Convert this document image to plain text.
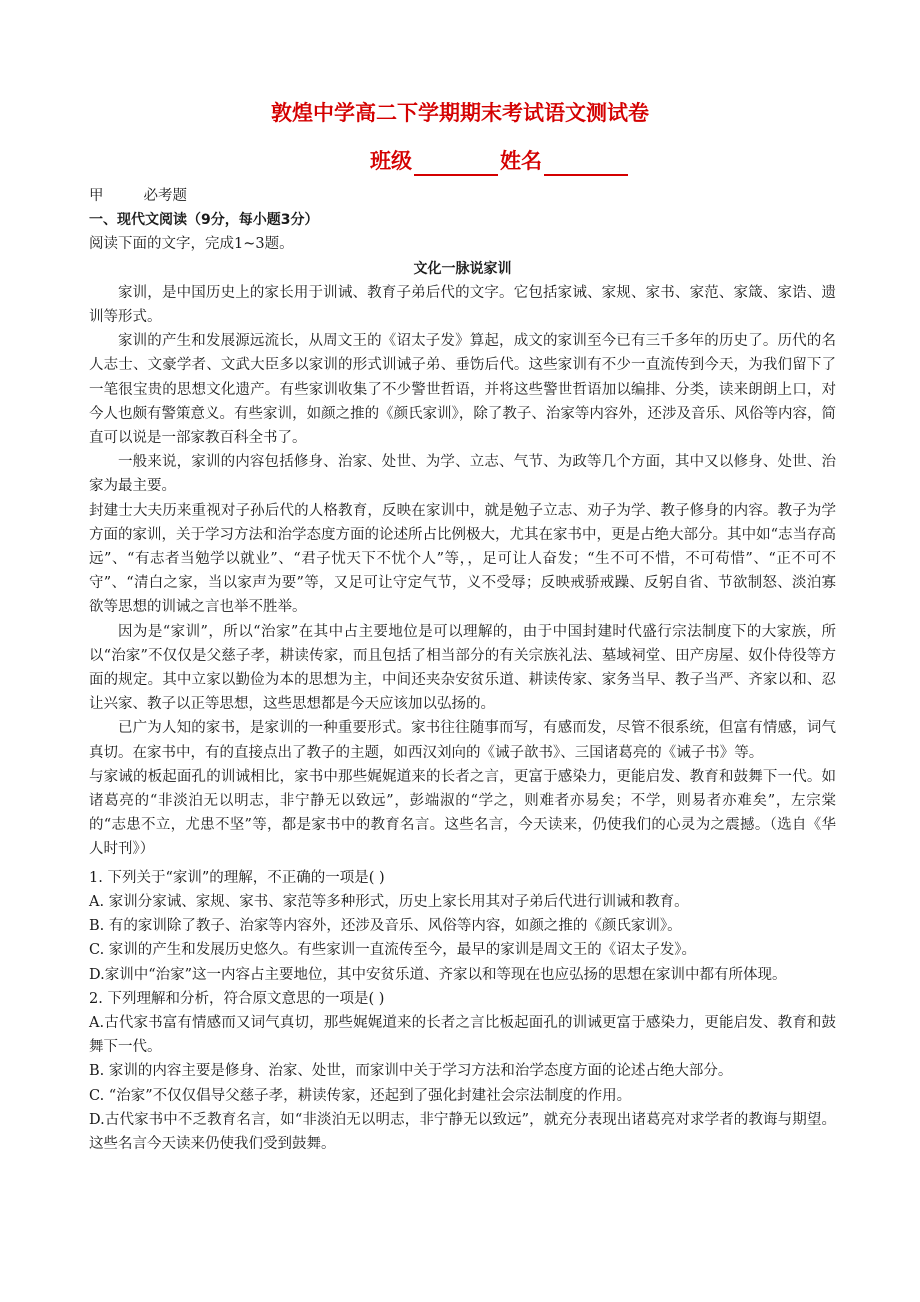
敦煌中学高二下学期期末考试语文测试卷
班级	姓名
甲	必考题
一、现代文阅读（9分，每小题3分）
阅读下面的文字，完成1~3题。
文化一脉说家训
家训，是中国历史上的家长用于训诫、教育子弟后代的文字。它包括家诫、家规、家书、家范、家箴、家诰、遗训等形式。
家训的产生和发展源远流长，从周文王的《诏太子发》算起，成文的家训至今已有三千多年的历史了。历代的名人志士、文豪学者、文武大臣多以家训的形式训诫子弟、垂饬后代。这些家训有不少一直流传到今天，为我们留下了一笔很宝贵的思想文化遗产。有些家训收集了不少警世哲语，并将这些警世哲语加以编排、分类，读来朗朗上口，对今人也颇有警策意义。有些家训，如颜之推的《颜氏家训》，除了教子、治家等内容外，还涉及音乐、风俗等内容，简直可以说是一部家教百科全书了。
一般来说，家训的内容包括修身、治家、处世、为学、立志、气节、为政等几个方面，其中又以修身、处世、治家为最主要。
封建士大夫历来重视对子孙后代的人格教育，反映在家训中，就是勉子立志、劝子为学、教子修身的内容。教子为学方面的家训，关于学习方法和治学态度方面的论述所占比例极大，尤其在家书中，更是占绝大部分。其中如“志当存高远”、“有志者当勉学以就业”、“君子忧天下不忧个人”等，，足可让人奋发；“生不可不惜，不可苟惜”、“正不可不守”、“清白之家，当以家声为要”等，又足可让守定气节，义不受辱；反映戒骄戒躁、反躬自省、节欲制怒、淡泊寡欲等思想的训诫之言也举不胜举。
因为是“家训”，所以“治家”在其中占主要地位是可以理解的，由于中国封建时代盛行宗法制度下的大家族，所以“治家”不仅仅是父慈子孝，耕读传家，而且包括了相当部分的有关宗族礼法、墓域祠堂、田产房屋、奴仆侍役等方面的规定。其中立家以勤俭为本的思想为主，中间还夹杂安贫乐道、耕读传家、家务当早、教子当严、齐家以和、忍让兴家、教子以正等思想，这些思想都是今天应该加以弘扬的。
已广为人知的家书，是家训的一种重要形式。家书往往随事而写，有感而发，尽管不很系统，但富有情感，词气真切。在家书中，有的直接点出了教子的主题，如西汉刘向的《诫子歆书》、三国诸葛亮的《诫子书》等。
与家诫的板起面孔的训诫相比，家书中那些娓娓道来的长者之言，更富于感染力，更能启发、教育和鼓舞下一代。如诸葛亮的“非淡泊无以明志，非宁静无以致远”，彭端淑的“学之，则难者亦易矣；不学，则易者亦难矣”，左宗棠的“志患不立，尤患不坚”等，都是家书中的教育名言。这些名言，今天读来，仍使我们的心灵为之震撼。（选自《华人时刊》）
1. 下列关于“家训”的理解，不正确的一项是( )
A. 家训分家诫、家规、家书、家范等多种形式，历史上家长用其对子弟后代进行训诫和教育。
B. 有的家训除了教子、治家等内容外，还涉及音乐、风俗等内容，如颜之推的《颜氏家训》。
C. 家训的产生和发展历史悠久。有些家训一直流传至今，最早的家训是周文王的《诏太子发》。
D.家训中“治家”这一内容占主要地位，其中安贫乐道、齐家以和等现在也应弘扬的思想在家训中都有所体现。
2. 下列理解和分析，符合原文意思的一项是( )
A.古代家书富有情感而又词气真切，那些娓娓道来的长者之言比板起面孔的训诫更富于感染力，更能启发、教育和鼓舞下一代。
B. 家训的内容主要是修身、治家、处世，而家训中关于学习方法和治学态度方面的论述占绝大部分。
C. “治家”不仅仅倡导父慈子孝，耕读传家，还起到了强化封建社会宗法制度的作用。
D.古代家书中不乏教育名言，如“非淡泊无以明志，非宁静无以致远”，就充分表现出诸葛亮对求学者的教诲与期望。这些名言今天读来仍使我们受到鼓舞。
